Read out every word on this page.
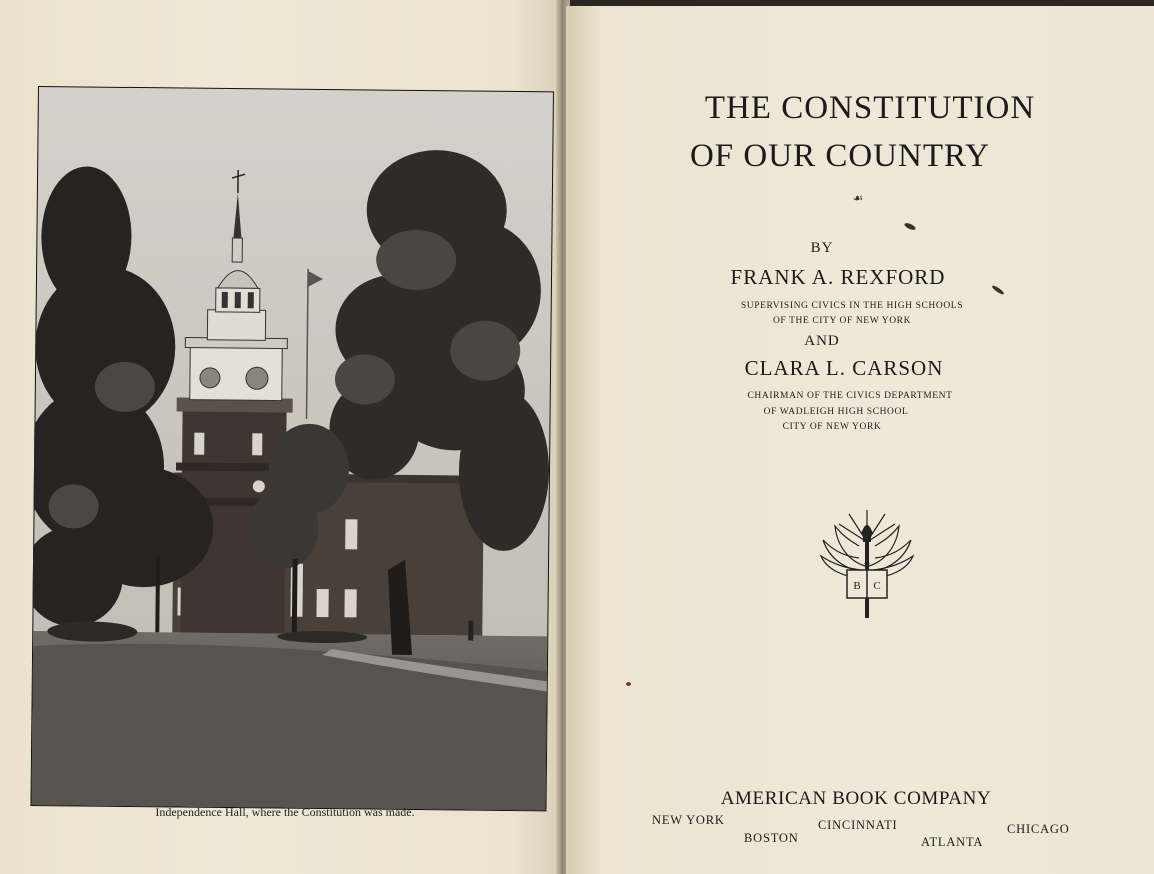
Independence Hall, where the Constitution was made.
THE CONSTITUTION
OF OUR COUNTRY
☙
BY
FRANK A. REXFORD
SUPERVISING CIVICS IN THE HIGH SCHOOLS
OF THE CITY OF NEW YORK
AND
CLARA L. CARSON
CHAIRMAN OF THE CIVICS DEPARTMENT
OF WADLEIGH HIGH SCHOOL
CITY OF NEW YORK
B C
A
AMERICAN BOOK COMPANY
NEW YORK
BOSTON
CINCINNATI
ATLANTA
CHICAGO
